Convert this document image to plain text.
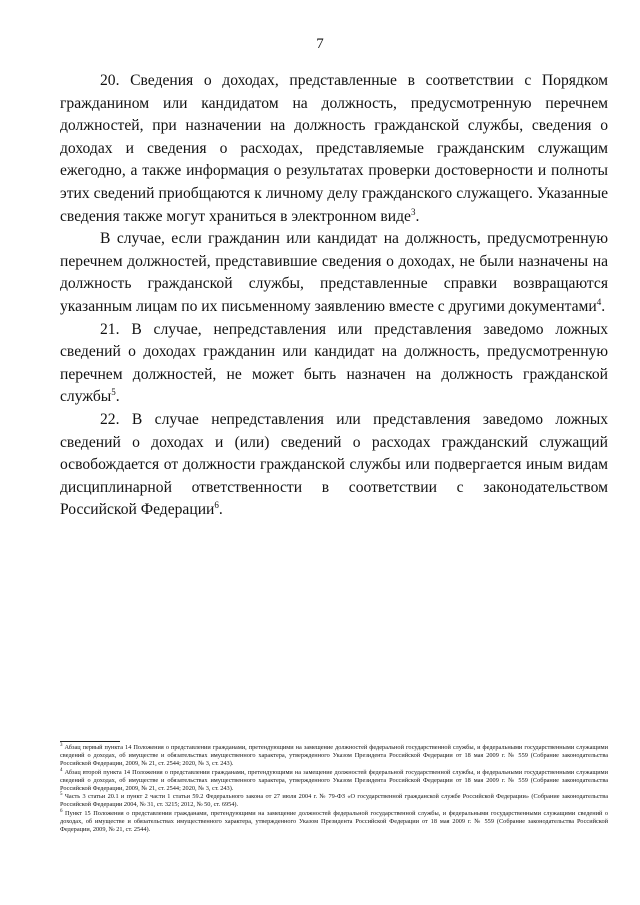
7

20. Сведения о доходах, представленные в соответствии с Порядком гражданином или кандидатом на должность, предусмотренную перечнем должностей, при назначении на должность гражданской службы, сведения о доходах и сведения о расходах, представляемые гражданским служащим ежегодно, а также информация о результатах проверки достоверности и полноты этих сведений приобщаются к личному делу гражданского служащего. Указанные сведения также могут храниться в электронном виде$^3$.

В случае, если гражданин или кандидат на должность, предусмотренную перечнем должностей, представившие сведения о доходах, не были назначены на должность гражданской службы, представленные справки возвращаются указанным лицам по их письменному заявлению вместе с другими документами$^4$.

21. В случае, непредставления или представления заведомо ложных сведений о доходах гражданин или кандидат на должность, предусмотренную перечнем должностей, не может быть назначен на должность гражданской службы$^5$.

22. В случае непредставления или представления заведомо ложных сведений о доходах и (или) сведений о расходах гражданский служащий освобождается от должности гражданской службы или подвергается иным видам дисциплинарной ответственности в соответствии с законодательством Российской Федерации$^6$.

$^3$ Абзац первый пункта 14 Положения о представлении гражданами, претендующими на замещение должностей федеральной государственной службы, и федеральными государственными служащими сведений о доходах, об имуществе и обязательствах имущественного характера, утвержденного Указом Президента Российской Федерации от 18 мая 2009 г. № 559 (Собрание законодательства Российской Федерации, 2009, № 21, ст. 2544; 2020, № 3, ст. 243).

$^4$ Абзац второй пункта 14 Положения о представлении гражданами, претендующими на замещение должностей федеральной государственной службы, и федеральными государственными служащими сведений о доходах, об имуществе и обязательствах имущественного характера, утвержденного Указом Президента Российской Федерации от 18 мая 2009 г. № 559 (Собрание законодательства Российской Федерации, 2009, № 21, ст. 2544; 2020, № 3, ст. 243).

$^5$ Часть 3 статьи 20.1 и пункт 2 части 1 статьи 59.2 Федерального закона от 27 июля 2004 г. № 79-ФЗ «О государственной гражданской службе Российской Федерации» (Собрание законодательства Российской Федерации 2004, № 31, ст. 3215; 2012, № 50, ст. 6954).

$^6$ Пункт 15 Положения о представлении гражданами, претендующими на замещение должностей федеральной государственной службы, и федеральными государственными служащими сведений о доходах, об имуществе и обязательствах имущественного характера, утвержденного Указом Президента Российской Федерации от 18 мая 2009 г. № 559 (Собрание законодательства Российской Федерации, 2009, № 21, ст. 2544).
